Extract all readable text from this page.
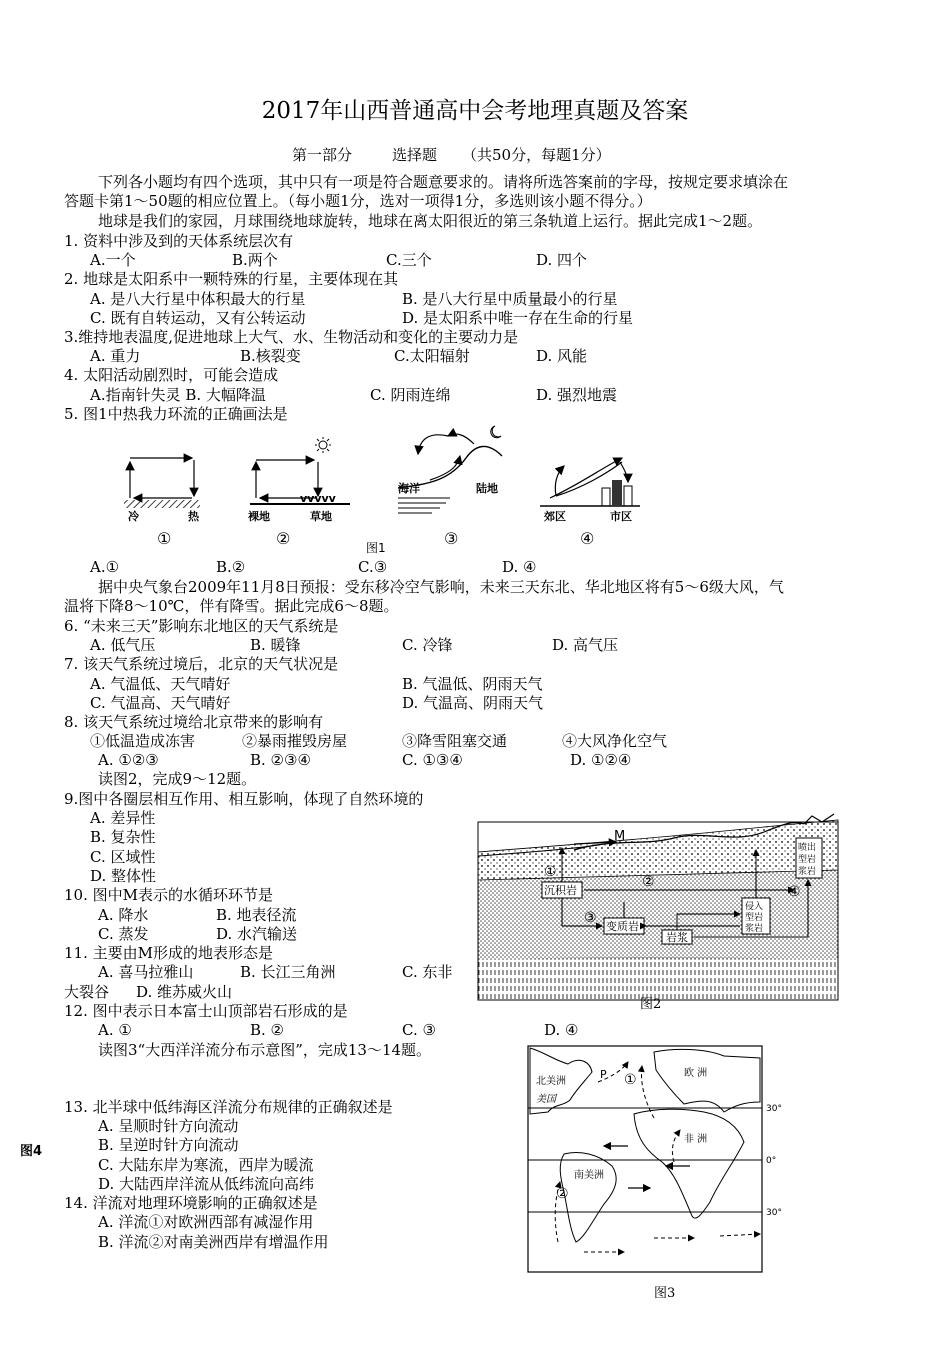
2017年山西普通高中会考地理真题及答案
第一部分	选择题 （共50分，每题1分）
下列各小题均有四个选项，其中只有一项是符合题意要求的。请将所选答案前的字母，按规定要求填涂在
答题卡第1～50题的相应位置上。（每小题1分，选对一项得1分，多选则该小题不得分。）
地球是我们的家园，月球围绕地球旋转，地球在离太阳很近的第三条轨道上运行。据此完成1～2题。
1. 资料中涉及到的天体系统层次有
A.一个	B.两个	C.三个	D. 四个
2. 地球是太阳系中一颗特殊的行星，主要体现在其
A. 是八大行星中体积最大的行星	B. 是八大行星中质量最小的行星
C. 既有自转运动，又有公转运动	D. 是太阳系中唯一存在生命的行星
3.维持地表温度,促进地球上大气、水、生物活动和变化的主要动力是
A. 重力	B.核裂变	C.太阳辐射	D. 风能
4. 太阳活动剧烈时，可能会造成
A.指南针失灵 B. 大幅降温	C. 阴雨连绵	D. 强烈地震
5. 图1中热我力环流的正确画法是
冷	热
①
vvvvv
裸地	草地
②
海洋	陆地
③
郊区	市区
④
图1
A.①	B.②	C.③	D. ④
据中央气象台2009年11月8日预报：受东移冷空气影响，未来三天东北、华北地区将有5～6级大风，气
温将下降8～10℃，伴有降雪。据此完成6～8题。
6. “未来三天”影响东北地区的天气系统是
A. 低气压	B. 暖锋	C. 冷锋	D. 高气压
7. 该天气系统过境后，北京的天气状况是
A. 气温低、天气晴好	B. 气温低、阴雨天气
C. 气温高、天气晴好	D. 气温高、阴雨天气
8. 该天气系统过境给北京带来的影响有
①低温造成冻害	②暴雨摧毁房屋	③降雪阻塞交通	④大风净化空气
A. ①②③	B. ②③④	C. ①③④	D. ①②④
读图2，完成9～12题。
9.图中各圈层相互作用、相互影响，体现了自然环境的
A. 差异性
B. 复杂性
C. 区域性
D. 整体性
10. 图中M表示的水循环环节是
A. 降水	B. 地表径流
C. 蒸发	D. 水汽输送
11. 主要由M形成的地表形态是
A. 喜马拉雅山	B. 长江三角洲	C. 东非
大裂谷 D. 维苏威火山
12. 图中表示日本富士山顶部岩石形成的是
A. ①	B. ②	C. ③	D. ④
读图3“大西洋洋流分布示意图”，完成13～14题。
M
沉积岩
变质岩
岩浆
喷出
型岩
浆岩
侵入
型岩
浆岩
①
②
③
④
图2
13. 北半球中低纬海区洋流分布规律的正确叙述是
A. 呈顺时针方向流动
B. 呈逆时针方向流动
C. 大陆东岸为寒流，西岸为暖流
D. 大陆西岸洋流从低纬流向高纬
图4
14. 洋流对地理环境影响的正确叙述是
A. 洋流①对欧洲西部有减湿作用
B. 洋流②对南美洲西岸有增温作用
北美洲
美国
P ①	欧 洲
非 洲
南美洲
②
30°
0°
30°
图3
